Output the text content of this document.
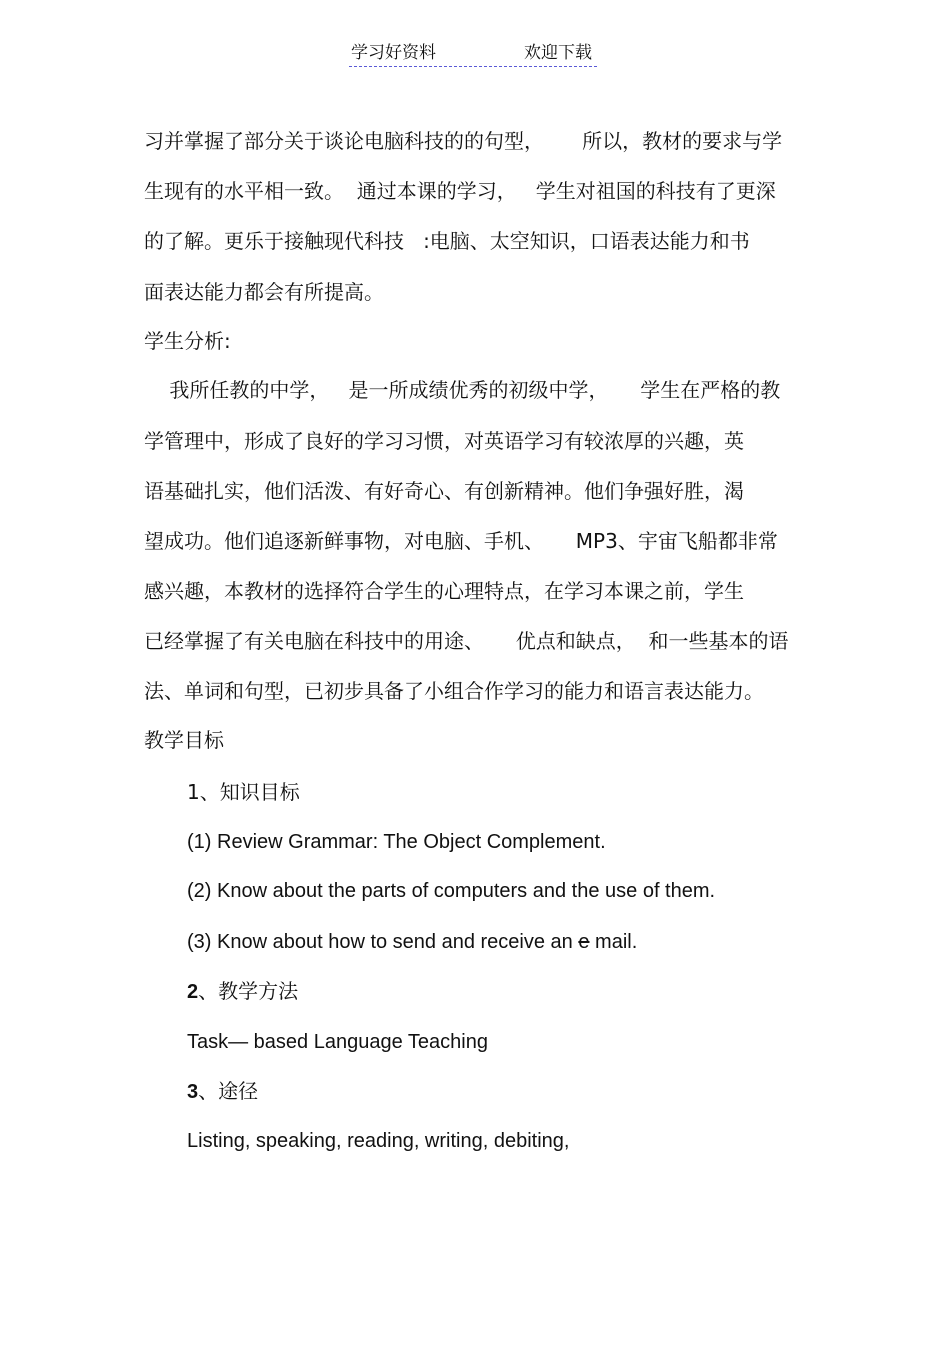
学习好资料	欢迎下载
习并掌握了部分关于谈论电脑科技的的句型，      所以，教材的要求与学
生现有的水平相一致。  通过本课的学习，   学生对祖国的科技有了更深
的了解。更乐于接触现代科技   :电脑、太空知识，口语表达能力和书
面表达能力都会有所提高。
学生分析:
我所任教的中学，   是一所成绩优秀的初级中学，     学生在严格的教
学管理中，形成了良好的学习习惯，对英语学习有较浓厚的兴趣，英
语基础扎实，他们活泼、有好奇心、有创新精神。他们争强好胜，渴
望成功。他们追逐新鲜事物，对电脑、手机、     MP3、宇宙飞船都非常
感兴趣，本教材的选择符合学生的心理特点，在学习本课之前，学生
已经掌握了有关电脑在科技中的用途、     优点和缺点，  和一些基本的语
法、单词和句型，已初步具备了小组合作学习的能力和语言表达能力。
教学目标
1、知识目标
(1) Review Grammar: The Object Complement.
(2) Know about the parts of computers and the use of them.
(3) Know about how to send and receive an e mail.
2、教学方法
Task— based Language Teaching
3、途径
Listing, speaking, reading, writing, debiting,
